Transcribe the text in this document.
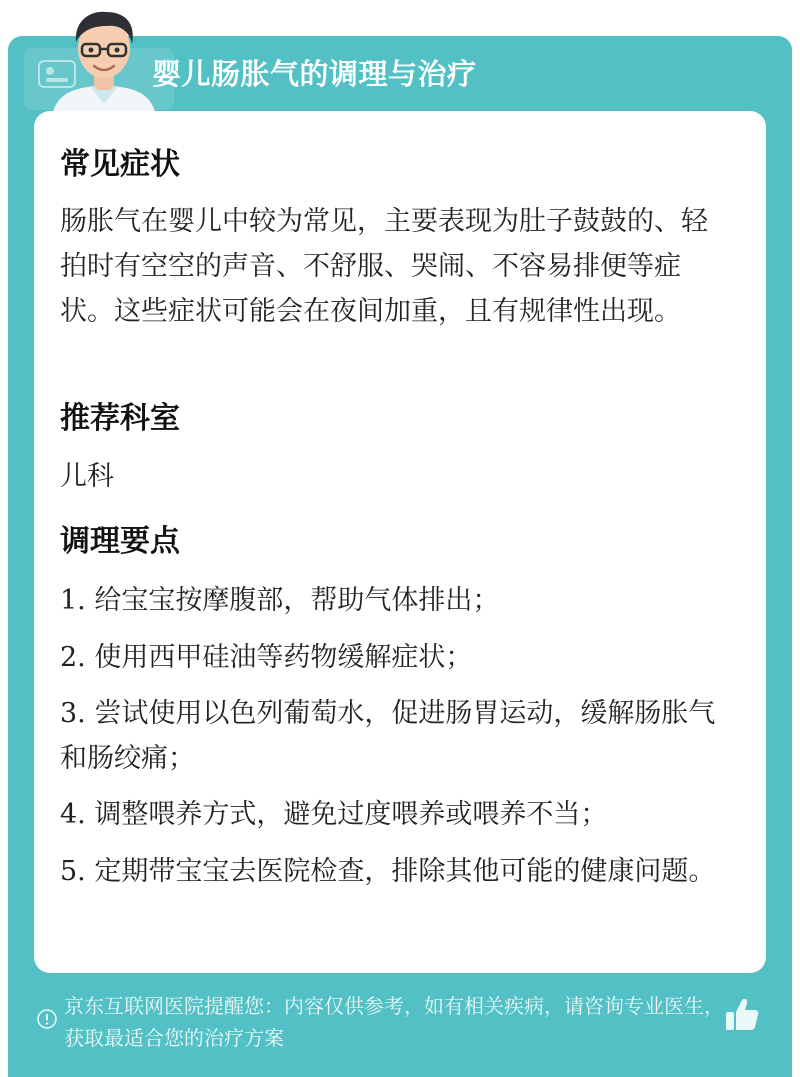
婴儿肠胀气的调理与治疗
常见症状

肠胀气在婴儿中较为常见，主要表现为肚子鼓鼓的、轻拍时有空空的声音、不舒服、哭闹、不容易排便等症状。这些症状可能会在夜间加重，且有规律性出现。

推荐科室

儿科

调理要点
1. 给宝宝按摩腹部，帮助气体排出；
2. 使用西甲硅油等药物缓解症状；
3. 尝试使用以色列葡萄水，促进肠胃运动，缓解肠胀气和肠绞痛；
4. 调整喂养方式，避免过度喂养或喂养不当；
5. 定期带宝宝去医院检查，排除其他可能的健康问题。
京东互联网医院提醒您：内容仅供参考，如有相关疾病，请咨询专业医生，获取最适合您的治疗方案
